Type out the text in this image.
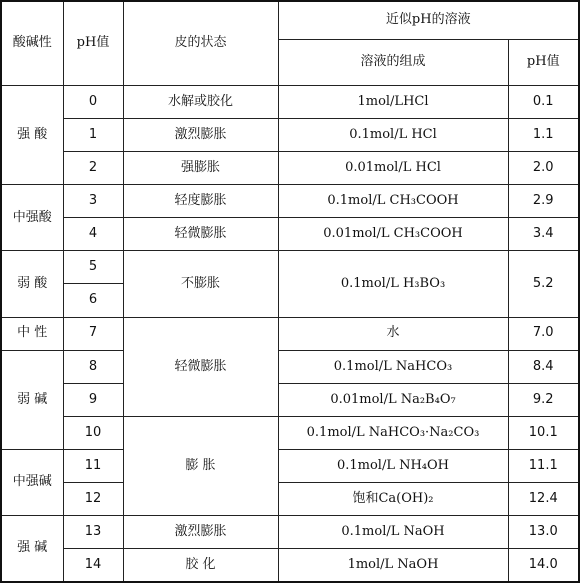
酸碱性	pH值	皮的状态	近似pH的溶液	
			溶液的组成	pH值
强 酸	0	水解或胶化	1mol/LHCl	0.1
	1	激烈膨胀	0.1mol/L HCl	1.1
	2	强膨胀	0.01mol/L HCl	2.0
中强酸	3	轻度膨胀	0.1mol/L CH₃COOH	2.9
	4	轻微膨胀	0.01mol/L CH₃COOH	3.4
弱 酸	5	不膨胀	0.1mol/L H₃BO₃	5.2
	6			
中 性	7	轻微膨胀	水	7.0
弱 碱	8		0.1mol/L NaHCO₃	8.4
	9		0.01mol/L Na₂B₄O₇	9.2
	10	膨 胀	0.1mol/L NaHCO₃·Na₂CO₃	10.1
中强碱	11		0.1mol/L NH₄OH	11.1
	12		饱和Ca(OH)₂	12.4
强 碱	13	激烈膨胀	0.1mol/L NaOH	13.0
	14	胶 化	1mol/L NaOH	14.0
